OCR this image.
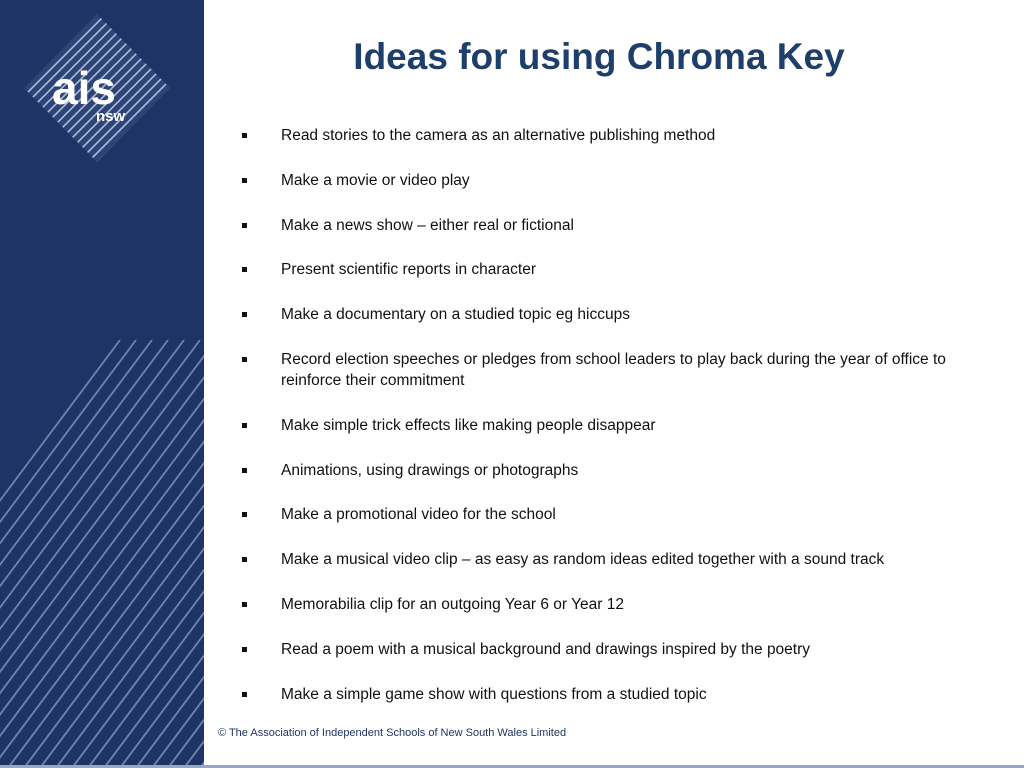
ais
nsw
Ideas for using Chroma Key
Read stories to the camera as an alternative publishing method
Make a movie or video play
Make a news show – either real or fictional
Present scientific reports in character
Make a documentary on a studied topic eg hiccups
Record election speeches or pledges from school leaders to play back during the year of office to reinforce their commitment
Make simple trick effects like making people disappear
Animations, using drawings or photographs
Make a promotional video for the school
Make a musical video clip – as easy as random ideas edited together with a sound track
Memorabilia clip for an outgoing Year 6 or Year 12
Read a poem with a musical background and drawings inspired by the poetry
Make a simple game show with questions from a studied topic
© The Association of Independent Schools of New South Wales Limited
